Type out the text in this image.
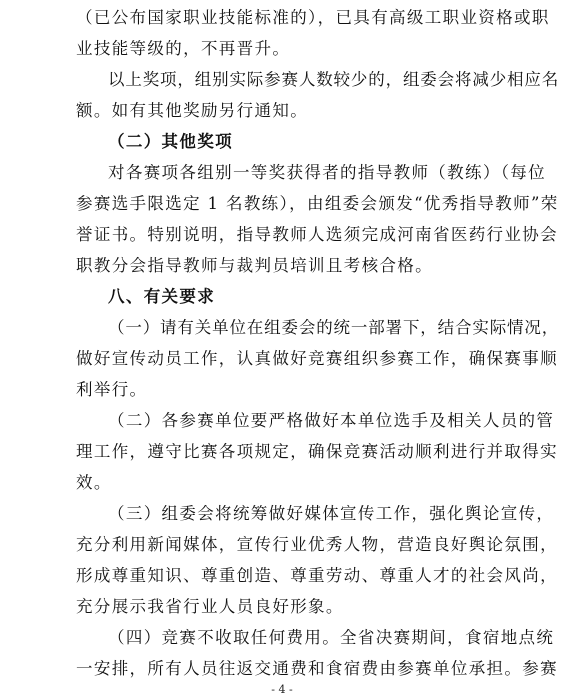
（已公布国家职业技能标准的），已具有高级工职业资格或职
业技能等级的，不再晋升。
以上奖项，组别实际参赛人数较少的，组委会将减少相应名
额。如有其他奖励另行通知。
（二）其他奖项
对各赛项各组别一等奖获得者的指导教师（教练）（每位
参赛选手限选定 1 名教练），由组委会颁发“优秀指导教师”荣
誉证书。特别说明，指导教师人选须完成河南省医药行业协会
职教分会指导教师与裁判员培训且考核合格。
八、有关要求
（一）请有关单位在组委会的统一部署下，结合实际情况，
做好宣传动员工作，认真做好竞赛组织参赛工作，确保赛事顺
利举行。
（二）各参赛单位要严格做好本单位选手及相关人员的管
理工作，遵守比赛各项规定，确保竞赛活动顺利进行并取得实
效。
（三）组委会将统筹做好媒体宣传工作，强化舆论宣传，
充分利用新闻媒体，宣传行业优秀人物，营造良好舆论氛围，
形成尊重知识、尊重创造、尊重劳动、尊重人才的社会风尚，
充分展示我省行业人员良好形象。
（四）竞赛不收取任何费用。全省决赛期间，食宿地点统
一安排，所有人员往返交通费和食宿费由参赛单位承担。参赛
- 4 -
